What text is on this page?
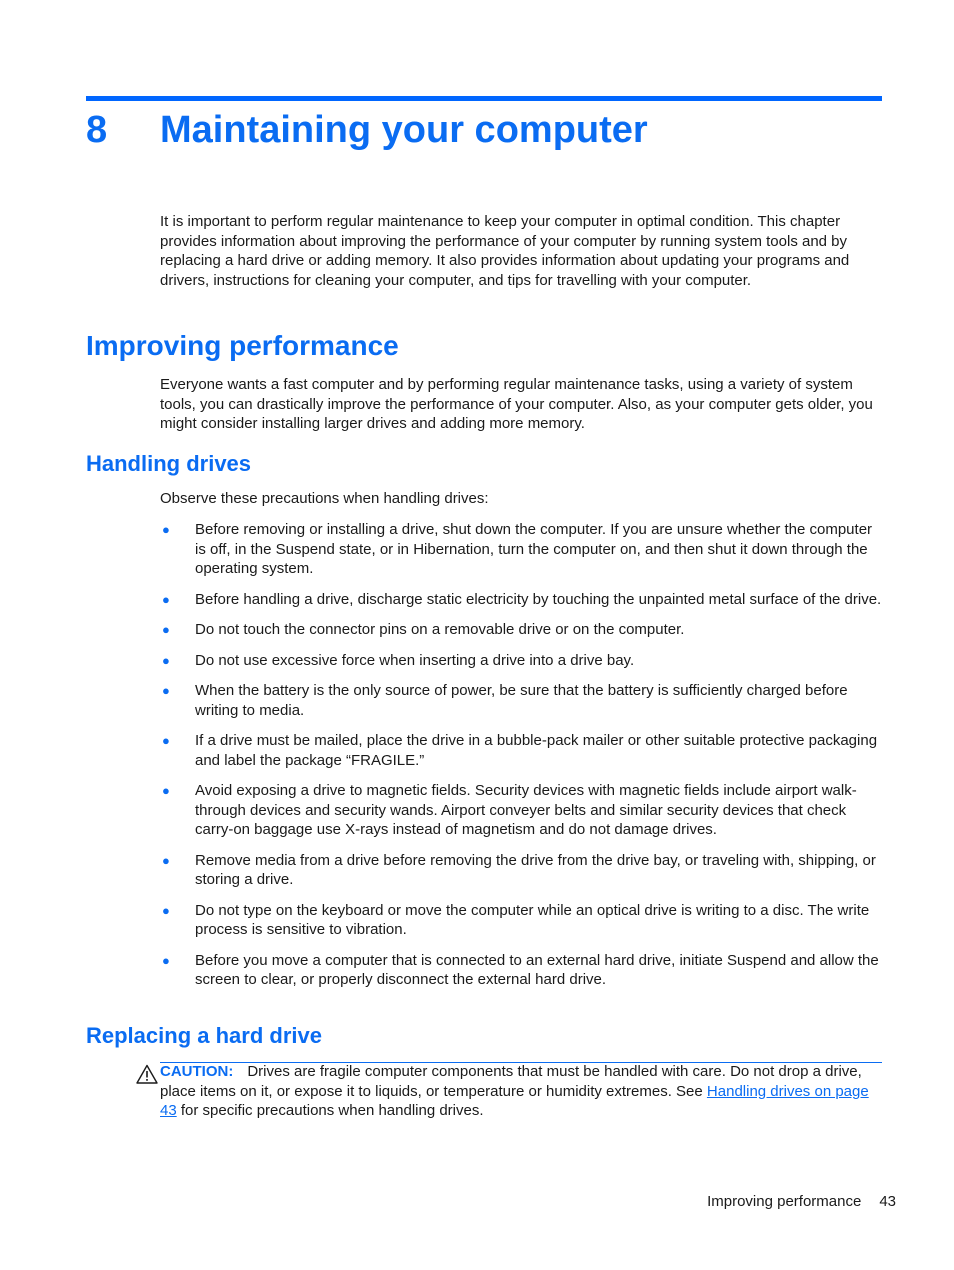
8 Maintaining your computer

It is important to perform regular maintenance to keep your computer in optimal condition. This chapter provides information about improving the performance of your computer by running system tools and by replacing a hard drive or adding memory. It also provides information about updating your programs and drivers, instructions for cleaning your computer, and tips for travelling with your computer.

Improving performance

Everyone wants a fast computer and by performing regular maintenance tasks, using a variety of system tools, you can drastically improve the performance of your computer. Also, as your computer gets older, you might consider installing larger drives and adding more memory.

Handling drives

Observe these precautions when handling drives:

● Before removing or installing a drive, shut down the computer. If you are unsure whether the computer is off, in the Suspend state, or in Hibernation, turn the computer on, and then shut it down through the operating system.
● Before handling a drive, discharge static electricity by touching the unpainted metal surface of the drive.
● Do not touch the connector pins on a removable drive or on the computer.
● Do not use excessive force when inserting a drive into a drive bay.
● When the battery is the only source of power, be sure that the battery is sufficiently charged before writing to media.
● If a drive must be mailed, place the drive in a bubble-pack mailer or other suitable protective packaging and label the package “FRAGILE.”
● Avoid exposing a drive to magnetic fields. Security devices with magnetic fields include airport walk-through devices and security wands. Airport conveyer belts and similar security devices that check carry-on baggage use X-rays instead of magnetism and do not damage drives.
● Remove media from a drive before removing the drive from the drive bay, or traveling with, shipping, or storing a drive.
● Do not type on the keyboard or move the computer while an optical drive is writing to a disc. The write process is sensitive to vibration.
● Before you move a computer that is connected to an external hard drive, initiate Suspend and allow the screen to clear, or properly disconnect the external hard drive.
Replacing a hard drive

CAUTION: Drives are fragile computer components that must be handled with care. Do not drop a drive, place items on it, or expose it to liquids, or temperature or humidity extremes. See Handling drives on page 43 for specific precautions when handling drives.

Improving performance 43
